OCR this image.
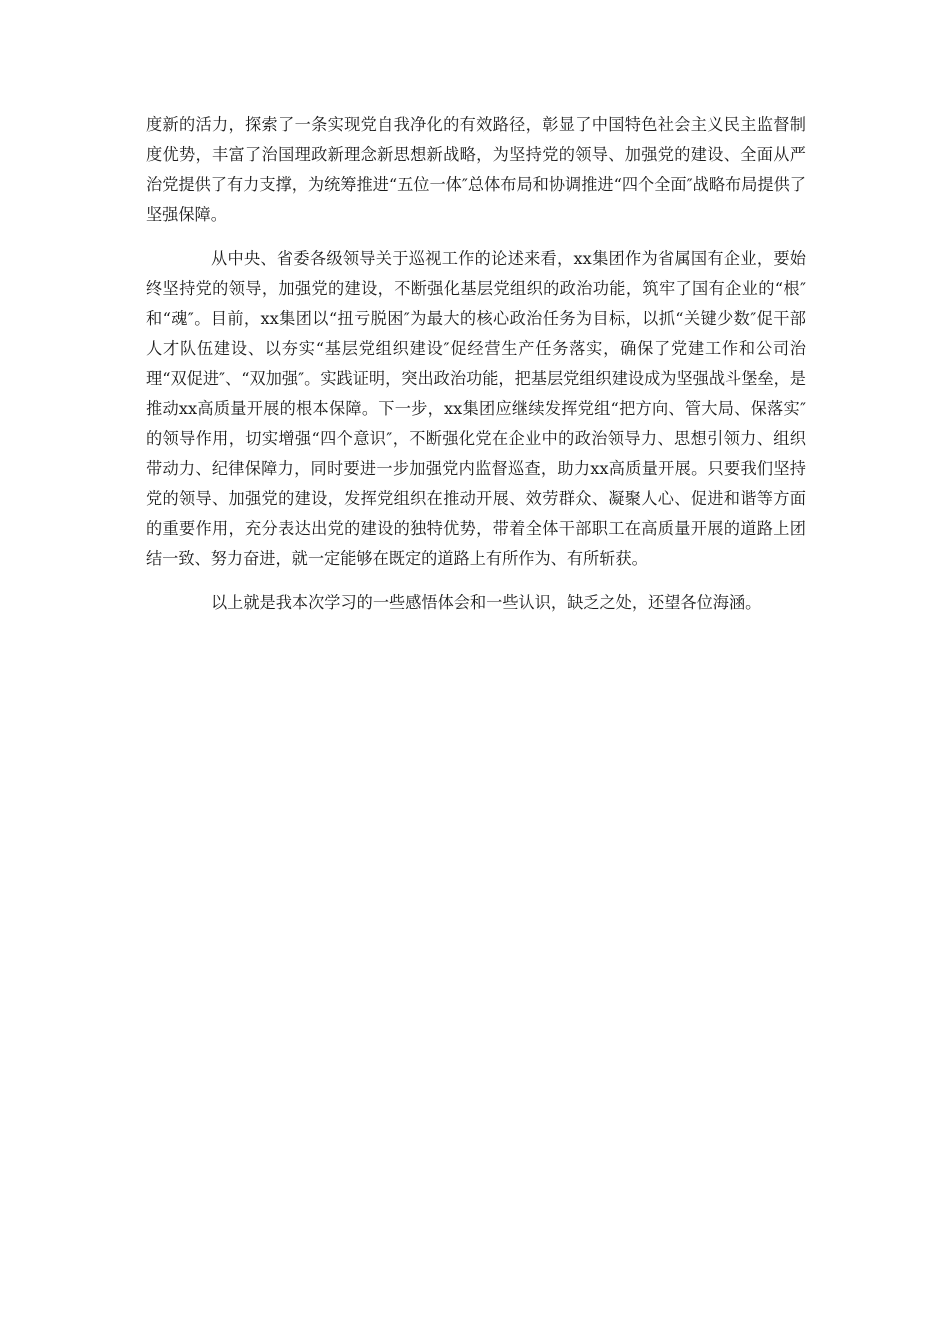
度新的活力，探索了一条实现党自我净化的有效路径，彰显了中国特色社会主义民主监督制度优势，丰富了治国理政新理念新思想新战略，为坚持党的领导、加强党的建设、全面从严治党提供了有力支撑，为统筹推进“五位一体″总体布局和协调推进“四个全面″战略布局提供了坚强保障。

从中央、省委各级领导关于巡视工作的论述来看，xx集团作为省属国有企业，要始终坚持党的领导，加强党的建设，不断强化基层党组织的政治功能，筑牢了国有企业的“根″和“魂″。目前，xx集团以“扭亏脱困″为最大的核心政治任务为目标，以抓“关键少数″促干部人才队伍建设、以夯实“基层党组织建设″促经营生产任务落实，确保了党建工作和公司治理“双促进″、“双加强″。实践证明，突出政治功能，把基层党组织建设成为坚强战斗堡垒，是推动xx高质量开展的根本保障。下一步，xx集团应继续发挥党组“把方向、管大局、保落实″的领导作用，切实增强“四个意识″，不断强化党在企业中的政治领导力、思想引领力、组织带动力、纪律保障力，同时要进一步加强党内监督巡查，助力xx高质量开展。只要我们坚持党的领导、加强党的建设，发挥党组织在推动开展、效劳群众、凝聚人心、促进和谐等方面的重要作用，充分表达出党的建设的独特优势，带着全体干部职工在高质量开展的道路上团结一致、努力奋进，就一定能够在既定的道路上有所作为、有所斩获。

以上就是我本次学习的一些感悟体会和一些认识，缺乏之处，还望各位海涵。
